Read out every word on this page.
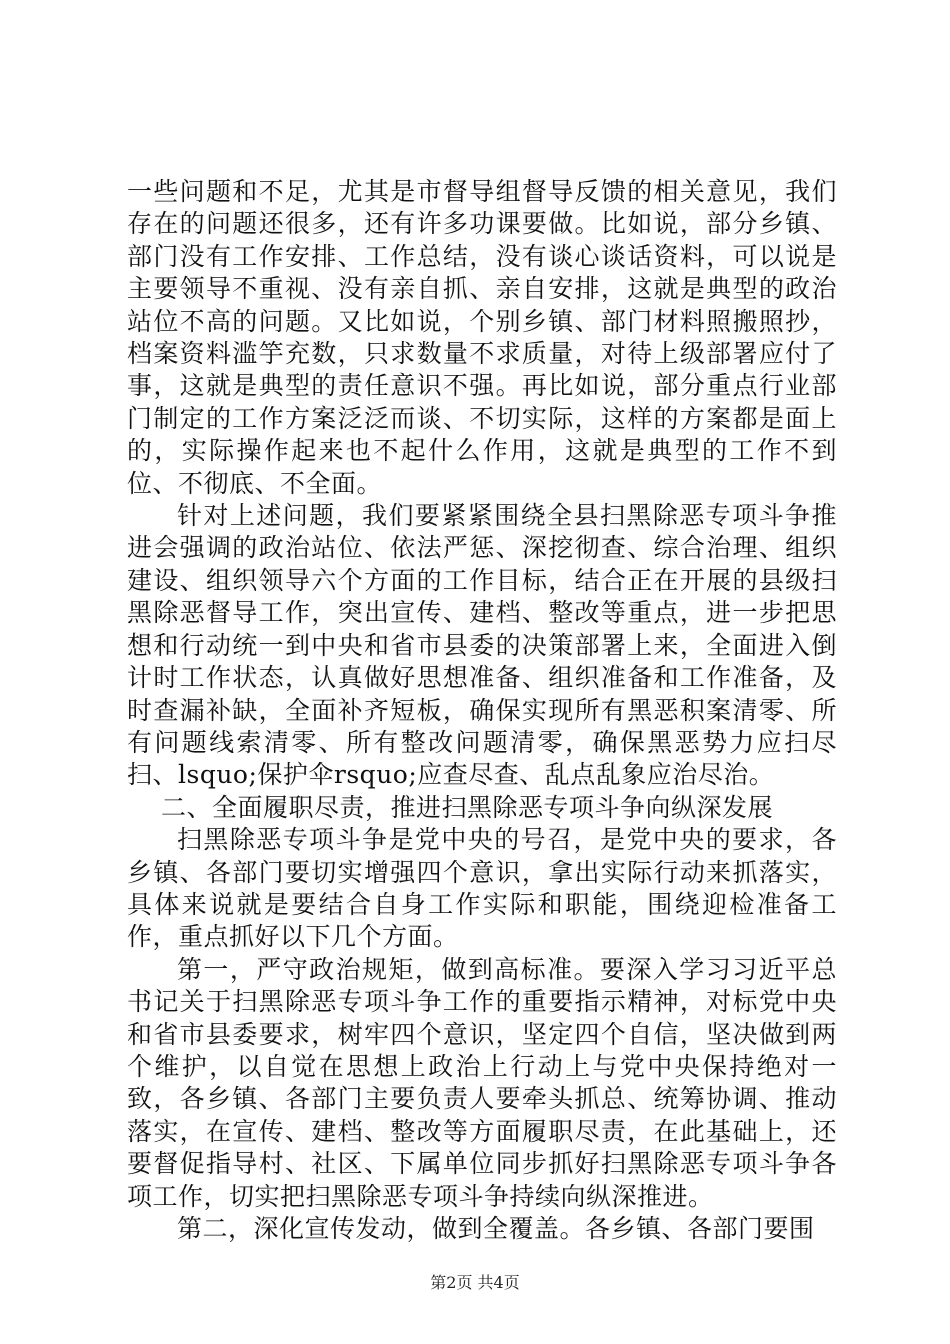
一些问题和不足，尤其是市督导组督导反馈的相关意见，我们存在的问题还很多，还有许多功课要做。比如说，部分乡镇、部门没有工作安排、工作总结，没有谈心谈话资料，可以说是主要领导不重视、没有亲自抓、亲自安排，这就是典型的政治站位不高的问题。又比如说，个别乡镇、部门材料照搬照抄，档案资料滥竽充数，只求数量不求质量，对待上级部署应付了事，这就是典型的责任意识不强。再比如说，部分重点行业部门制定的工作方案泛泛而谈、不切实际，这样的方案都是面上的，实际操作起来也不起什么作用，这就是典型的工作不到位、不彻底、不全面。

针对上述问题，我们要紧紧围绕全县扫黑除恶专项斗争推进会强调的政治站位、依法严惩、深挖彻查、综合治理、组织建设、组织领导六个方面的工作目标，结合正在开展的县级扫黑除恶督导工作，突出宣传、建档、整改等重点，进一步把思想和行动统一到中央和省市县委的决策部署上来，全面进入倒计时工作状态，认真做好思想准备、组织准备和工作准备，及时查漏补缺，全面补齐短板，确保实现所有黑恶积案清零、所有问题线索清零、所有整改问题清零，确保黑恶势力应扫尽扫、lsquo;保护伞rsquo;应查尽查、乱点乱象应治尽治。

二、全面履职尽责，推进扫黑除恶专项斗争向纵深发展

扫黑除恶专项斗争是党中央的号召，是党中央的要求，各乡镇、各部门要切实增强四个意识，拿出实际行动来抓落实，具体来说就是要结合自身工作实际和职能，围绕迎检准备工作，重点抓好以下几个方面。

第一，严守政治规矩，做到高标准。要深入学习习近平总书记关于扫黑除恶专项斗争工作的重要指示精神，对标党中央和省市县委要求，树牢四个意识，坚定四个自信，坚决做到两个维护，以自觉在思想上政治上行动上与党中央保持绝对一致，各乡镇、各部门主要负责人要牵头抓总、统筹协调、推动落实，在宣传、建档、整改等方面履职尽责，在此基础上，还要督促指导村、社区、下属单位同步抓好扫黑除恶专项斗争各项工作，切实把扫黑除恶专项斗争持续向纵深推进。

第二，深化宣传发动，做到全覆盖。各乡镇、各部门要围

第2页 共4页
